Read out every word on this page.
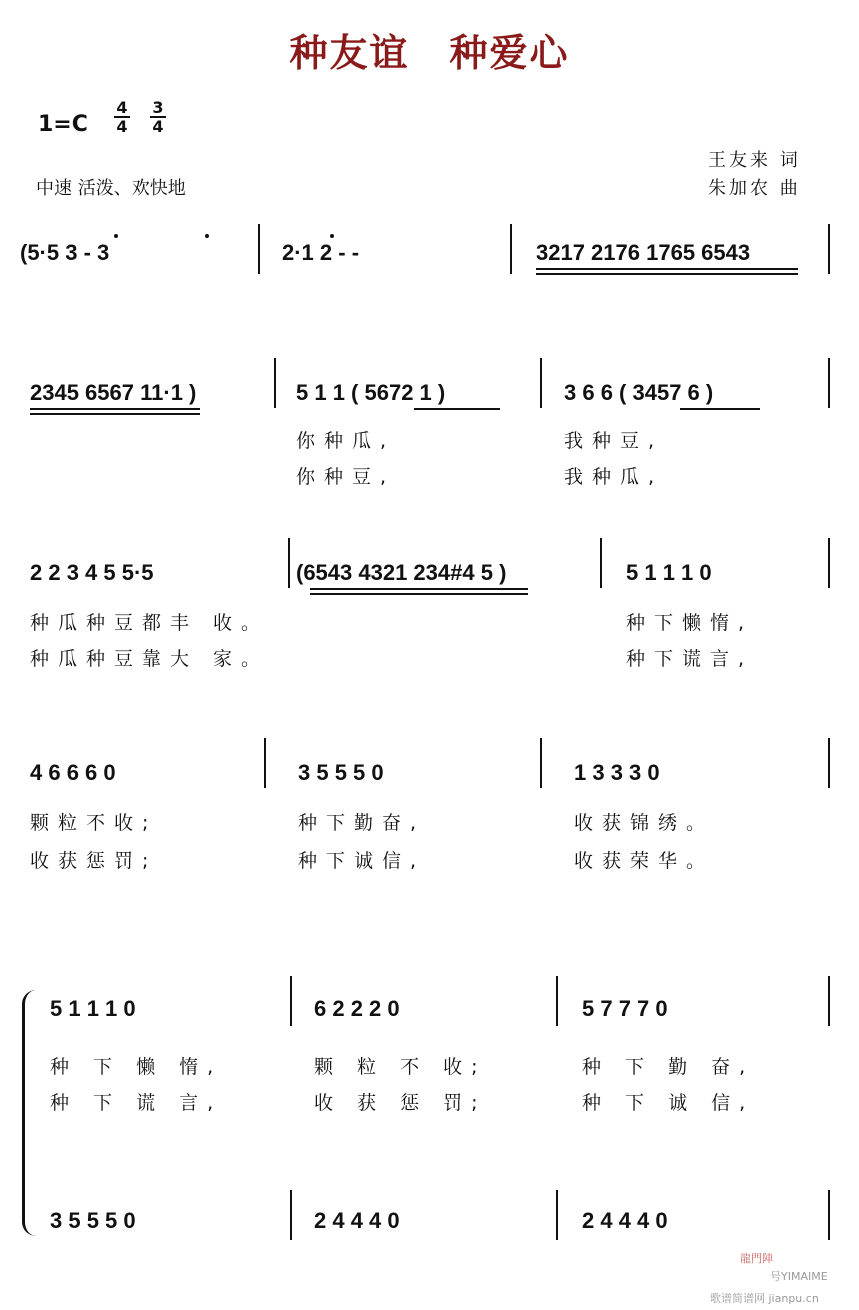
种友谊　种爱心
1=C
4
4
3
4
中速 活泼、欢快地
王友来 词
朱加农 曲
(5·5 3 - 3	2·1 2 - -	3217 2176 1765 6543
2345 6567 11·1 )	5 1 1 ( 5672 1 )	3 6 6 ( 3457 6 )
你种瓜,
你种豆,
我种豆,
我种瓜,
2 2 3 4 5 5·5	(6543 4321 234#4 5 )	5 1 1 1 0
种瓜种豆都丰 收。
种瓜种豆靠大 家。
种下懒惰,
种下谎言,
4 6 6 6 0	3 5 5 5 0	1 3 3 3 0
颗粒不收;
收获惩罚;
种下勤奋,
种下诚信,
收获锦绣。
收获荣华。
5 1 1 1 0	6 2 2 2 0	5 7 7 7 0
种 下 懒 惰,
种 下 谎 言,
颗 粒 不 收;
收 获 惩 罚;
种 下 勤 奋,
种 下 诚 信,
3 5 5 5 0	2 4 4 4 0	2 4 4 4 0
龍門陣
号YIMAIME
歌谱简谱网 jianpu.cn
